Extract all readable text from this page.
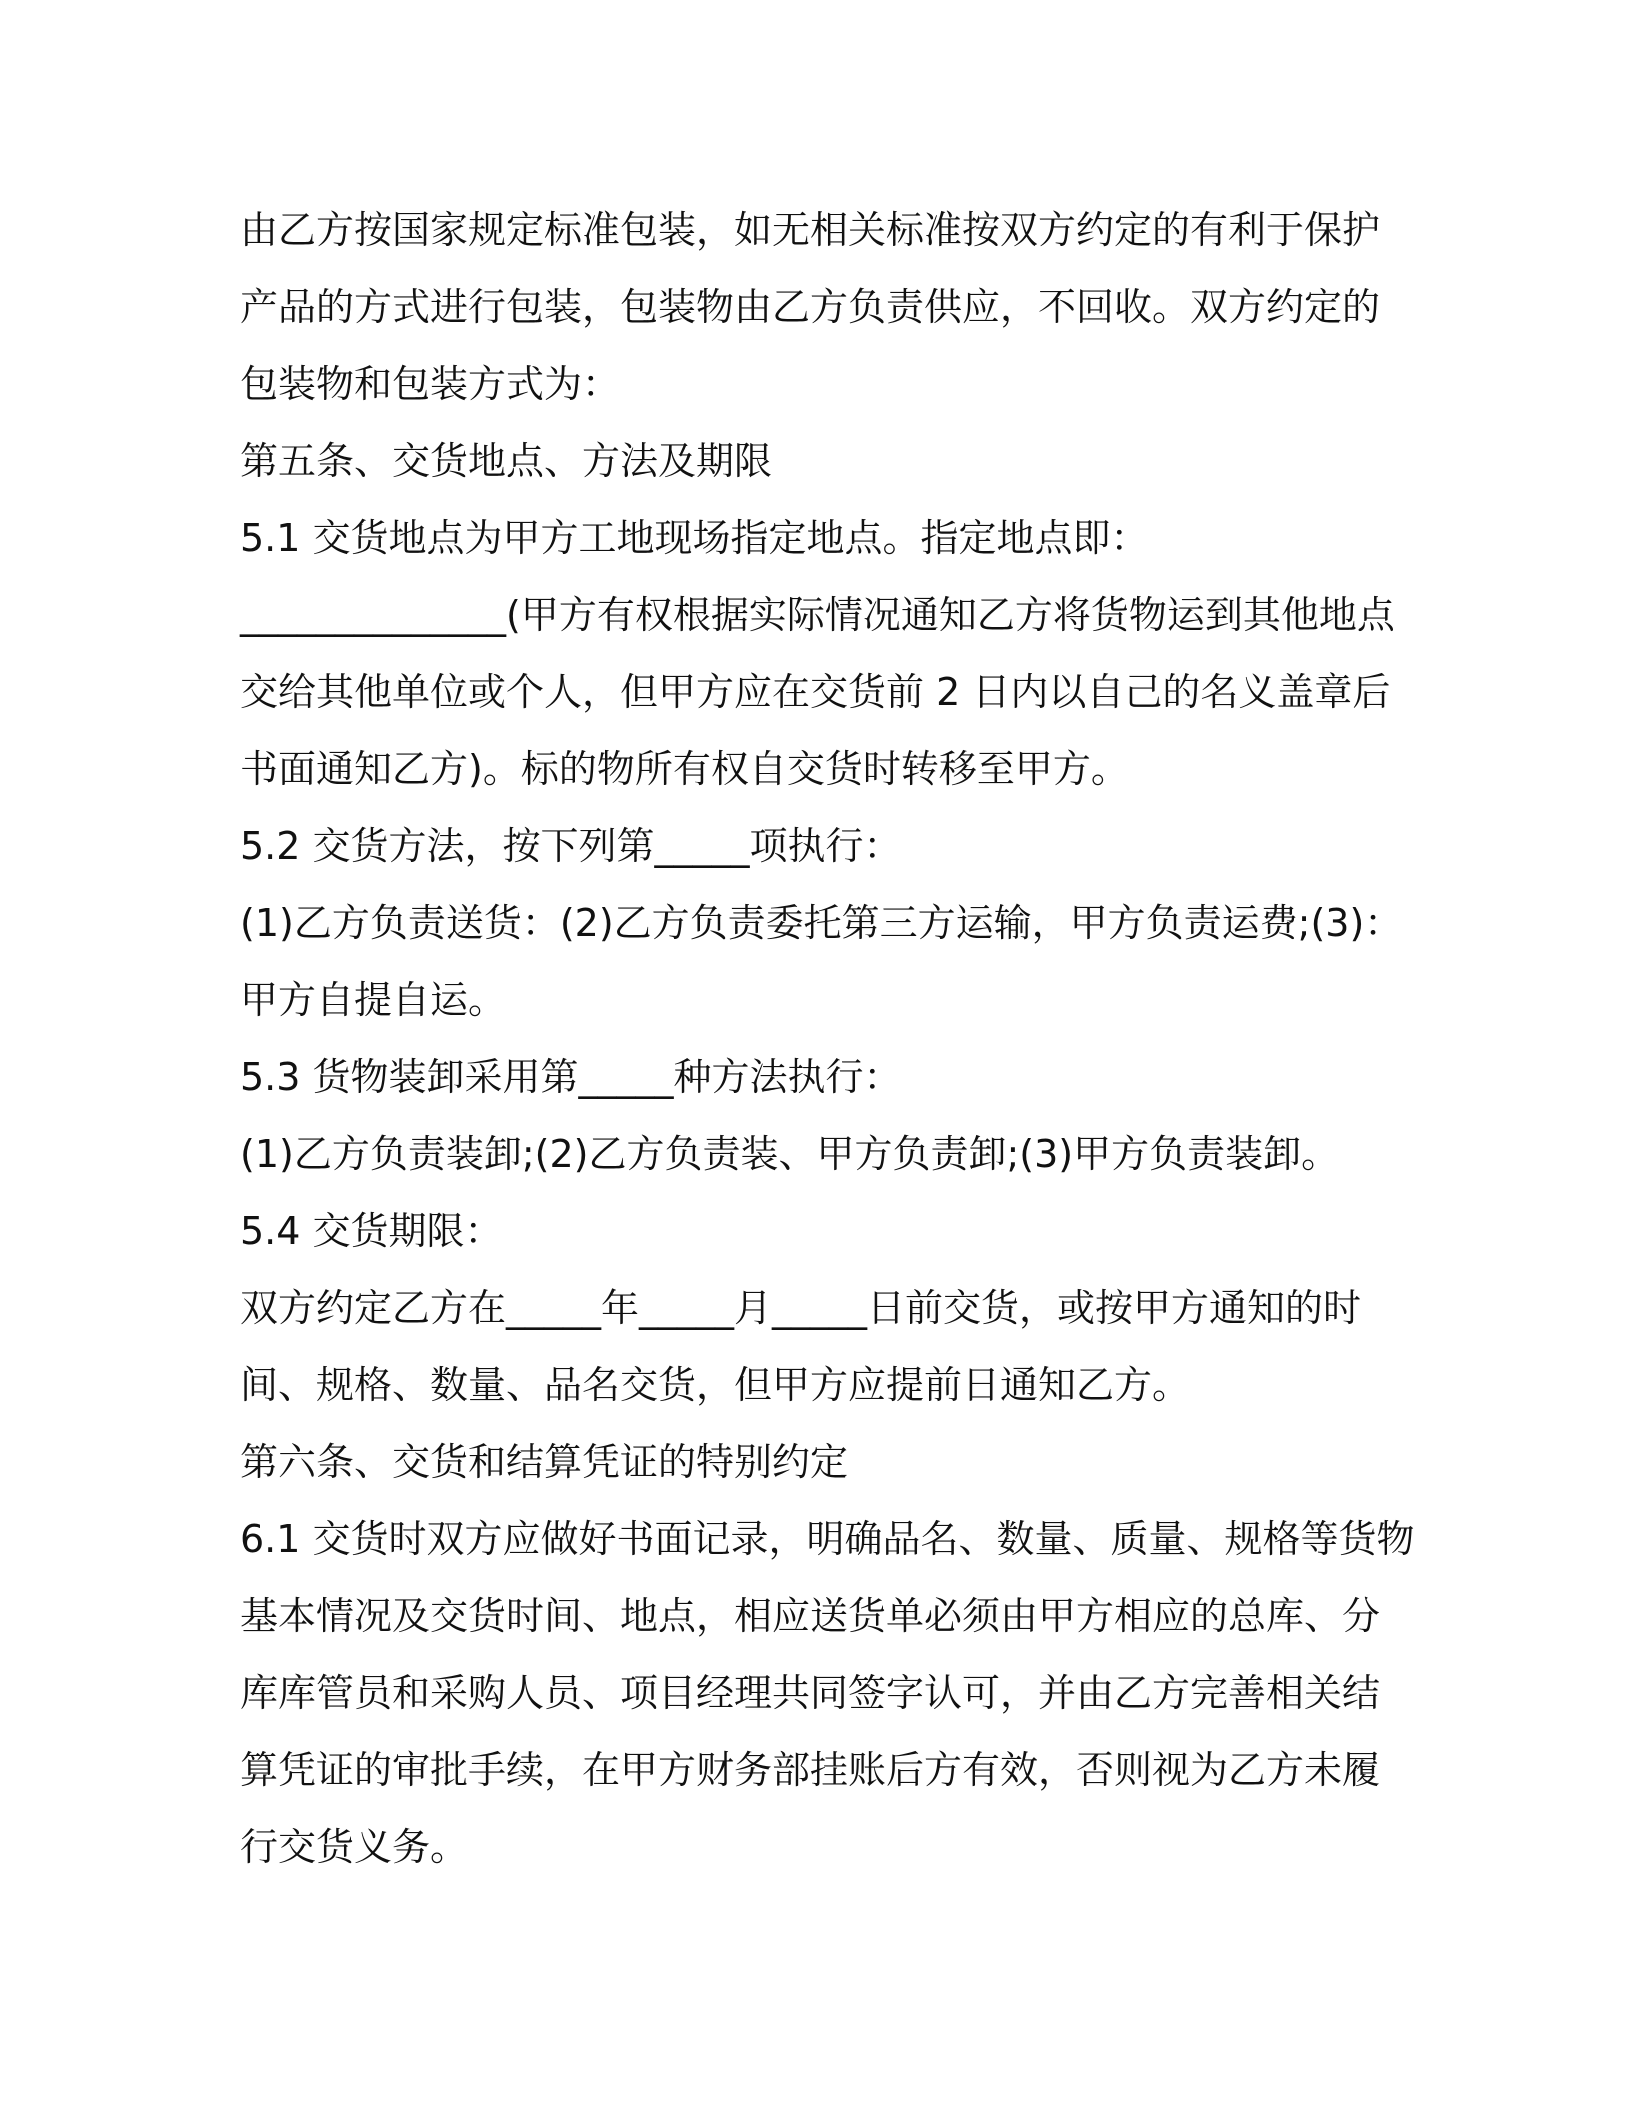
由乙方按国家规定标准包装，如无相关标准按双方约定的有利于保护
产品的方式进行包装，包装物由乙方负责供应，不回收。双方约定的
包装物和包装方式为：
第五条、交货地点、方法及期限
5.1 交货地点为甲方工地现场指定地点。指定地点即：
______________(甲方有权根据实际情况通知乙方将货物运到其他地点
交给其他单位或个人，但甲方应在交货前 2 日内以自己的名义盖章后
书面通知乙方)。标的物所有权自交货时转移至甲方。
5.2 交货方法，按下列第_____项执行：
(1)乙方负责送货：(2)乙方负责委托第三方运输，甲方负责运费;(3)：
甲方自提自运。
5.3 货物装卸采用第_____种方法执行：
(1)乙方负责装卸;(2)乙方负责装、甲方负责卸;(3)甲方负责装卸。
5.4 交货期限：
双方约定乙方在_____年_____月_____日前交货，或按甲方通知的时
间、规格、数量、品名交货，但甲方应提前日通知乙方。
第六条、交货和结算凭证的特别约定
6.1 交货时双方应做好书面记录，明确品名、数量、质量、规格等货物
基本情况及交货时间、地点，相应送货单必须由甲方相应的总库、分
库库管员和采购人员、项目经理共同签字认可，并由乙方完善相关结
算凭证的审批手续，在甲方财务部挂账后方有效，否则视为乙方未履
行交货义务。
